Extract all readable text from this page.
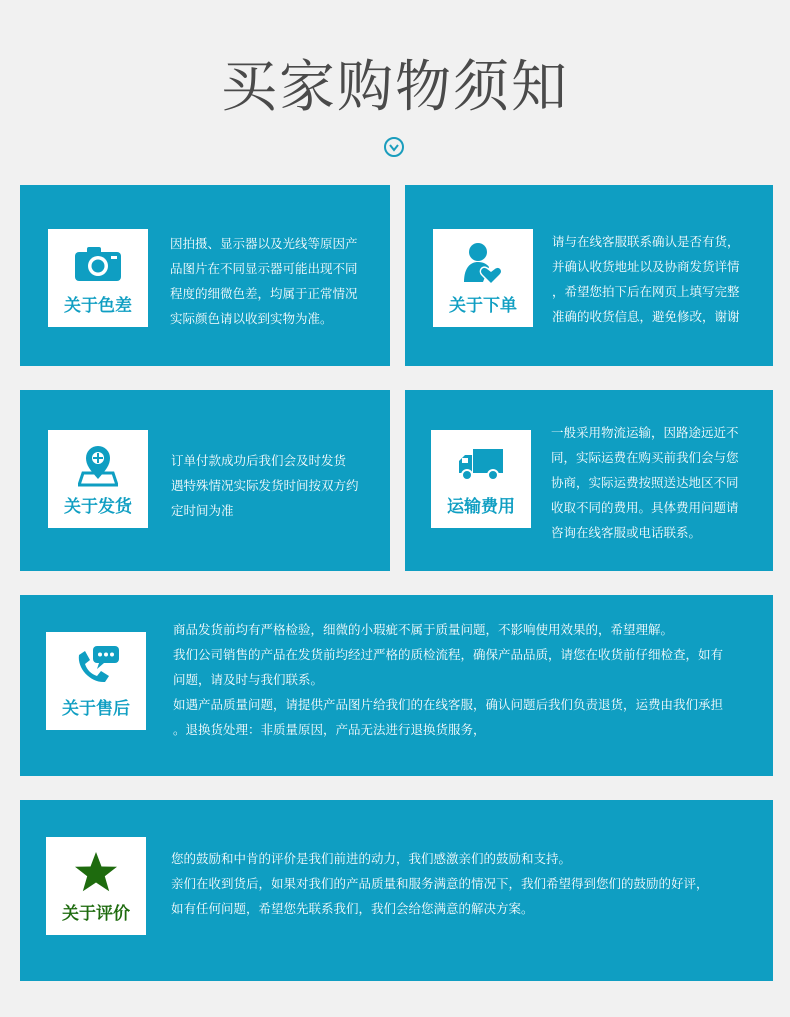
买家购物须知
关于色差

因拍摄、显示器以及光线等原因产

品图片在不同显示器可能出现不同

程度的细微色差，均属于正常情况

实际颜色请以收到实物为准。

关于下单

请与在线客服联系确认是否有货，

并确认收货地址以及协商发货详情

，希望您拍下后在网页上填写完整

准确的收货信息，避免修改，谢谢

关于发货

订单付款成功后我们会及时发货

遇特殊情况实际发货时间按双方约

定时间为准	运输费用

一般采用物流运输，因路途远近不

同，实际运费在购买前我们会与您

协商，实际运费按照送达地区不同

收取不同的费用。具体费用问题请

咨询在线客服或电话联系。

关于售后

商品发货前均有严格检验，细微的小瑕疵不属于质量问题，不影响使用效果的，希望理解。

我们公司销售的产品在发货前均经过严格的质检流程，确保产品品质，请您在收货前仔细检查，如有

问题，请及时与我们联系。

如遇产品质量问题，请提供产品图片给我们的在线客服，确认问题后我们负责退货，运费由我们承担

。退换货处理：非质量原因，产品无法进行退换货服务，

关于评价

您的鼓励和中肯的评价是我们前进的动力，我们感激亲们的鼓励和支持。

亲们在收到货后，如果对我们的产品质量和服务满意的情况下，我们希望得到您们的鼓励的好评，

如有任何问题，希望您先联系我们，我们会给您满意的解决方案。
